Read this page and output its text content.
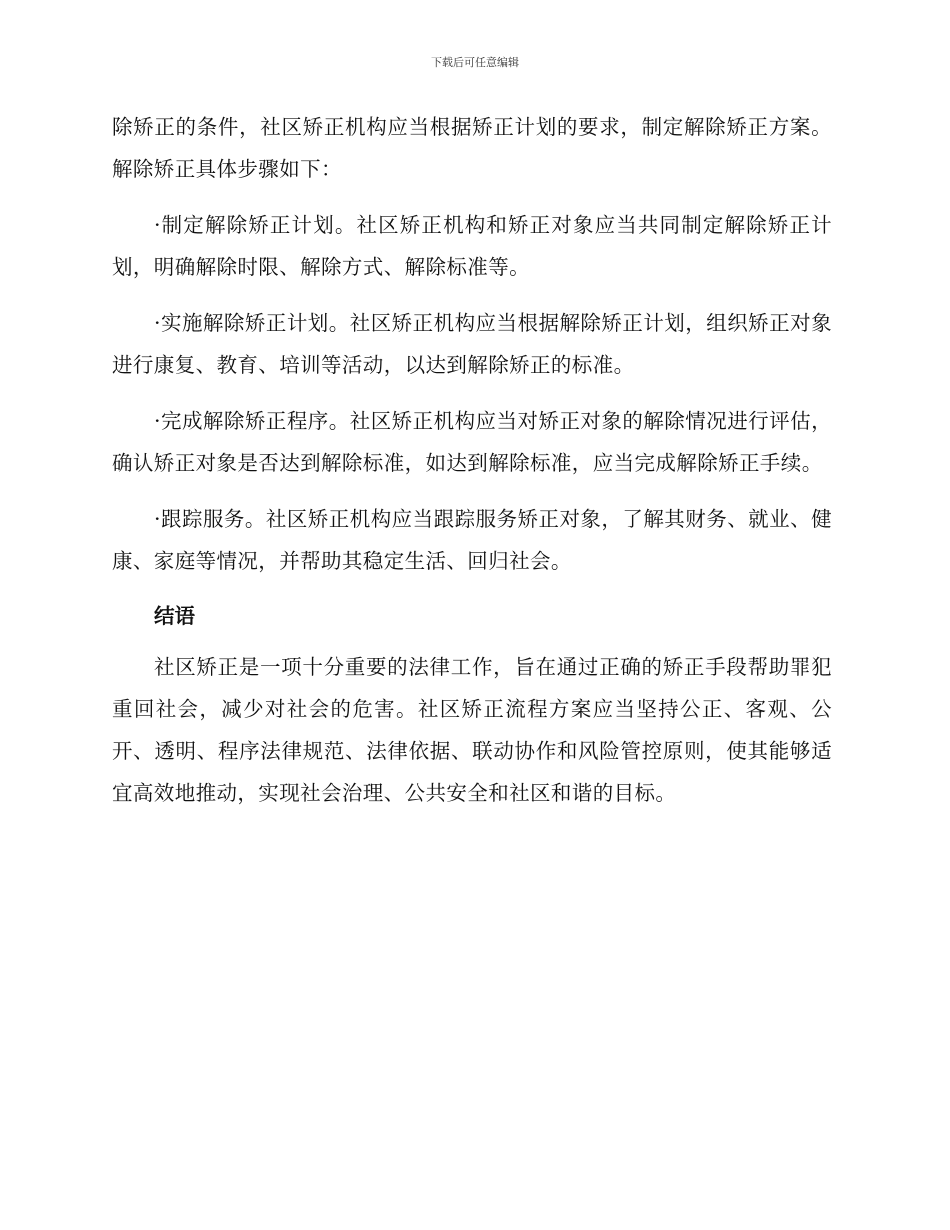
下载后可任意编辑

除矫正的条件，社区矫正机构应当根据矫正计划的要求，制定解除矫正方案。解除矫正具体步骤如下：

·制定解除矫正计划。社区矫正机构和矫正对象应当共同制定解除矫正计划，明确解除时限、解除方式、解除标准等。

·实施解除矫正计划。社区矫正机构应当根据解除矫正计划，组织矫正对象进行康复、教育、培训等活动，以达到解除矫正的标准。

·完成解除矫正程序。社区矫正机构应当对矫正对象的解除情况进行评估，确认矫正对象是否达到解除标准，如达到解除标准，应当完成解除矫正手续。

·跟踪服务。社区矫正机构应当跟踪服务矫正对象，了解其财务、就业、健康、家庭等情况，并帮助其稳定生活、回归社会。

结语

社区矫正是一项十分重要的法律工作，旨在通过正确的矫正手段帮助罪犯重回社会，减少对社会的危害。社区矫正流程方案应当坚持公正、客观、公开、透明、程序法律规范、法律依据、联动协作和风险管控原则，使其能够适宜高效地推动，实现社会治理、公共安全和社区和谐的目标。
